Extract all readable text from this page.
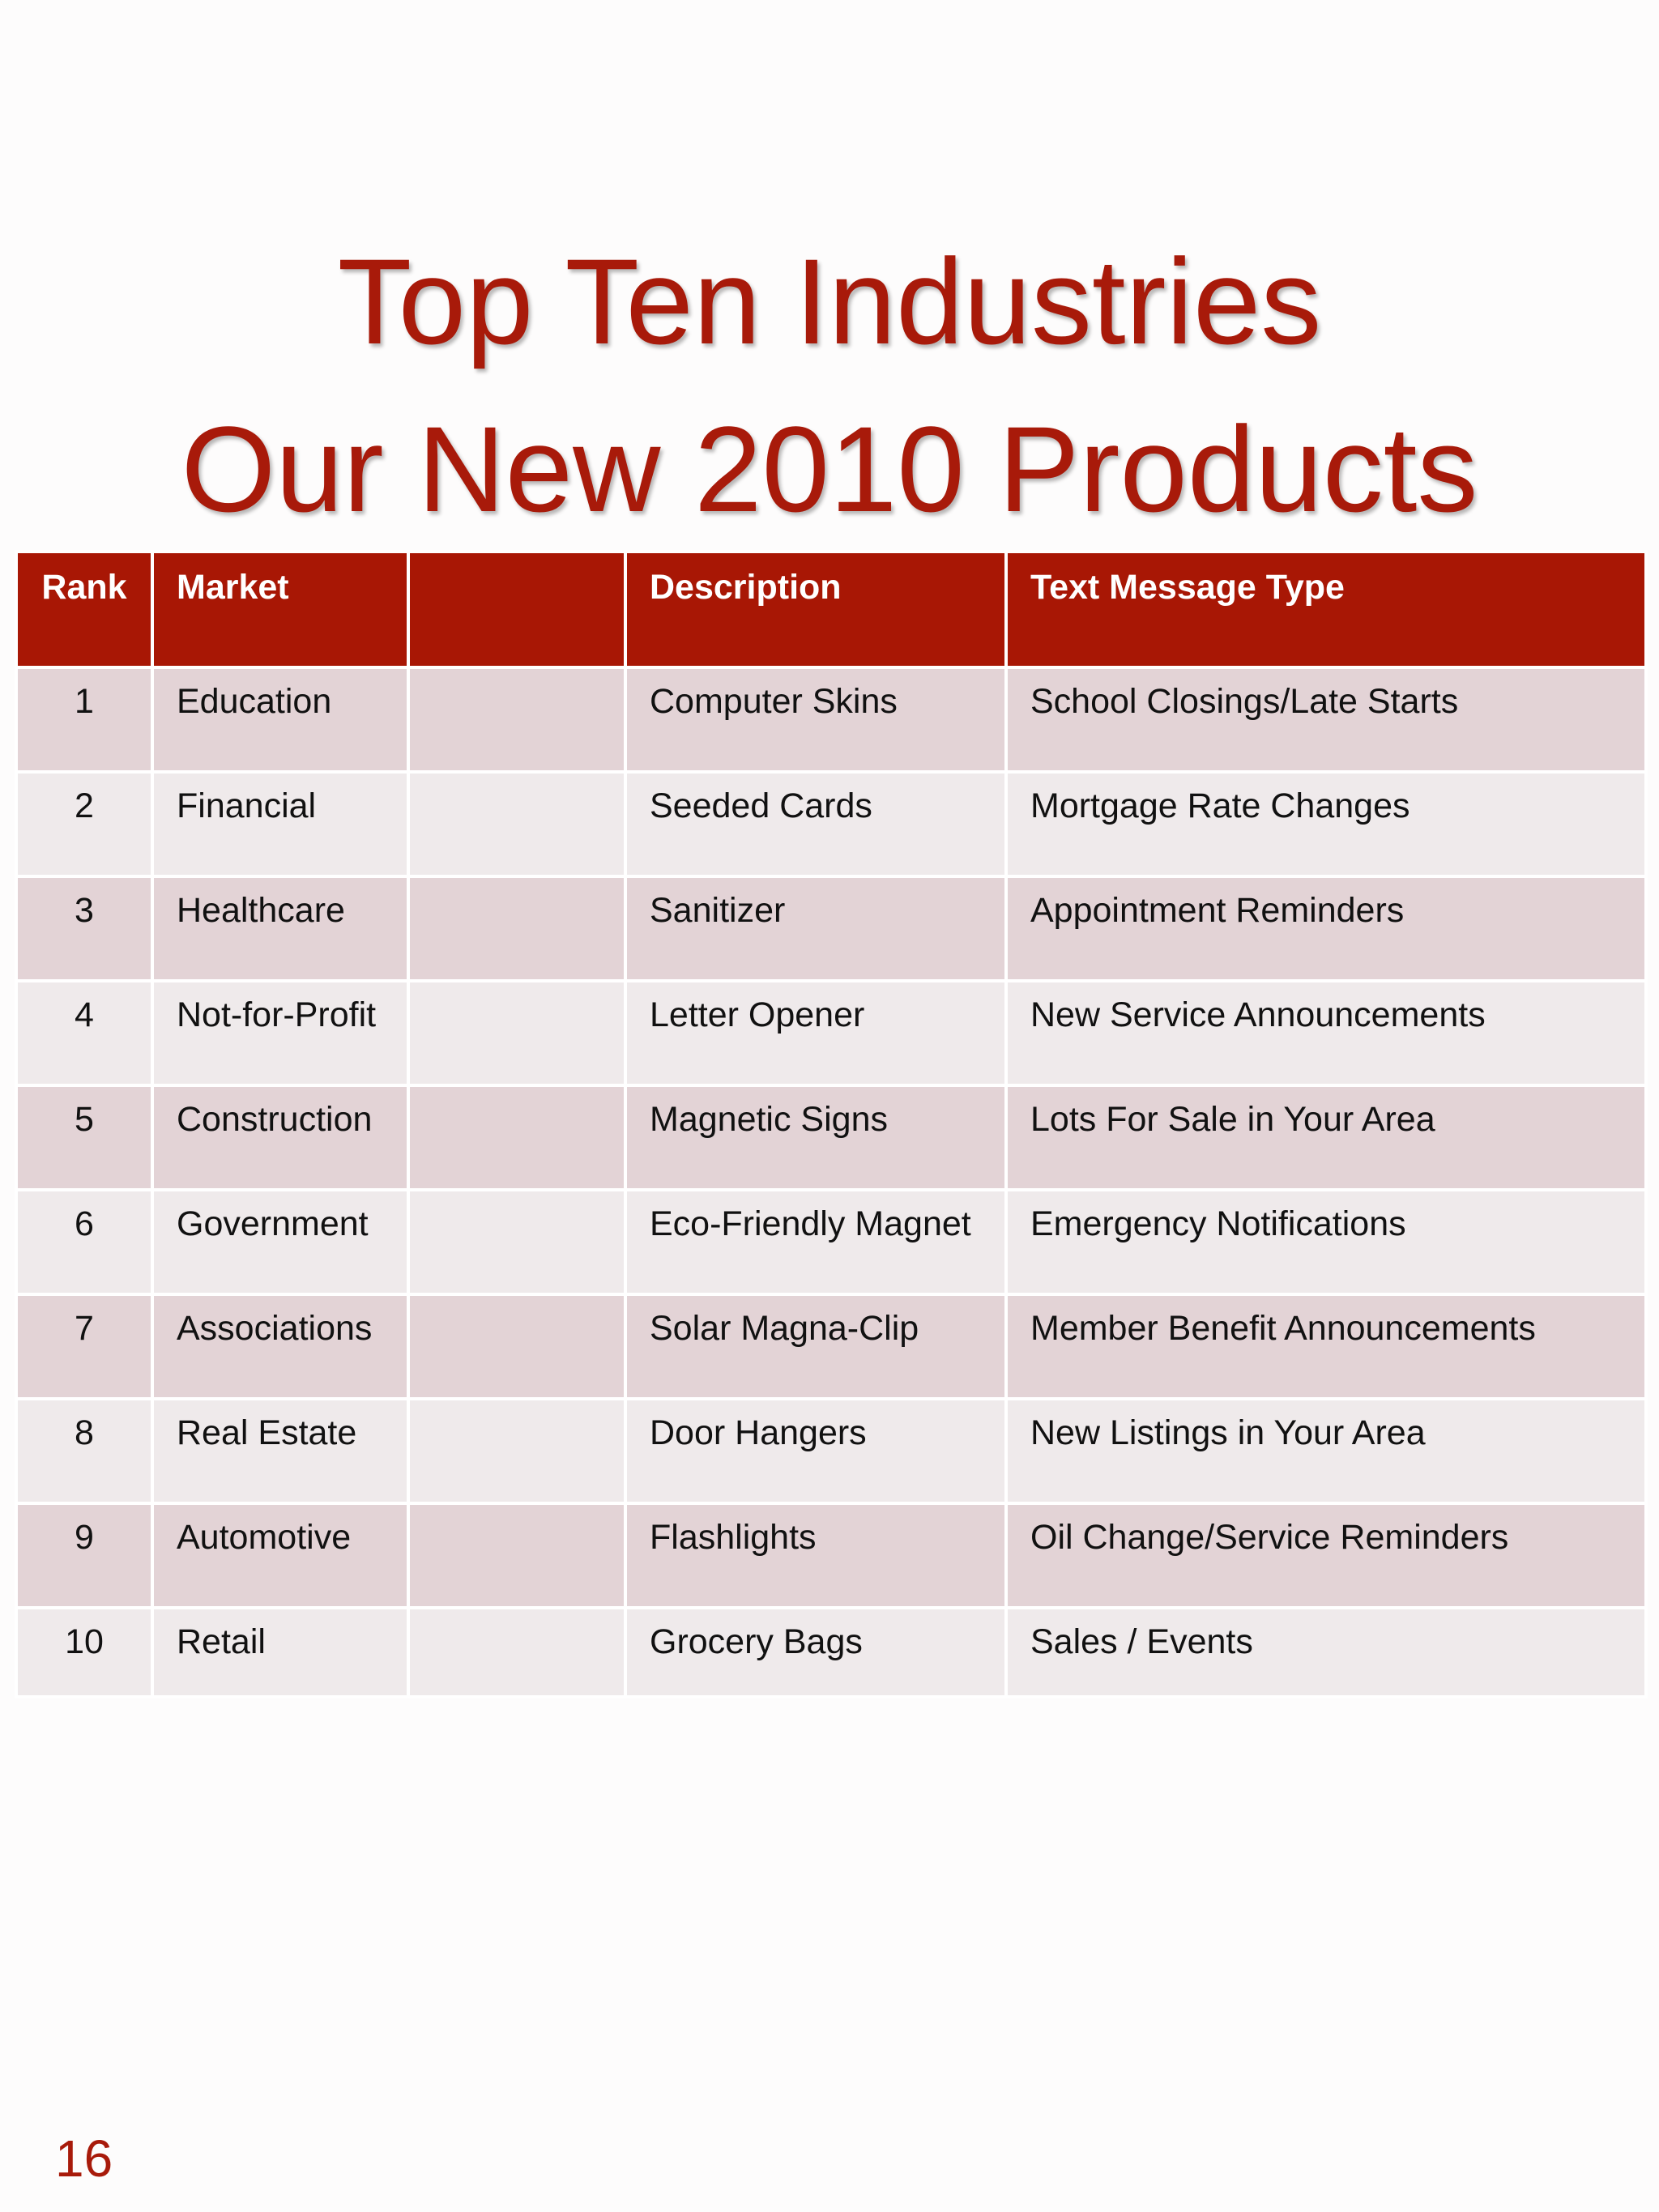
Top Ten Industries
Our New 2010 Products
Rank	Market		Description	Text Message Type
1	Education		Computer Skins	School Closings/Late Starts
2	Financial		Seeded Cards	Mortgage Rate Changes
3	Healthcare		Sanitizer	Appointment Reminders
4	Not-for-Profit		Letter Opener	New Service Announcements
5	Construction		Magnetic Signs	Lots For Sale in Your Area
6	Government		Eco-Friendly Magnet	Emergency Notifications
7	Associations		Solar Magna-Clip	Member Benefit Announcements
8	Real Estate		Door Hangers	New Listings in Your Area
9	Automotive		Flashlights	Oil Change/Service Reminders
10	Retail		Grocery Bags	Sales / Events
16
